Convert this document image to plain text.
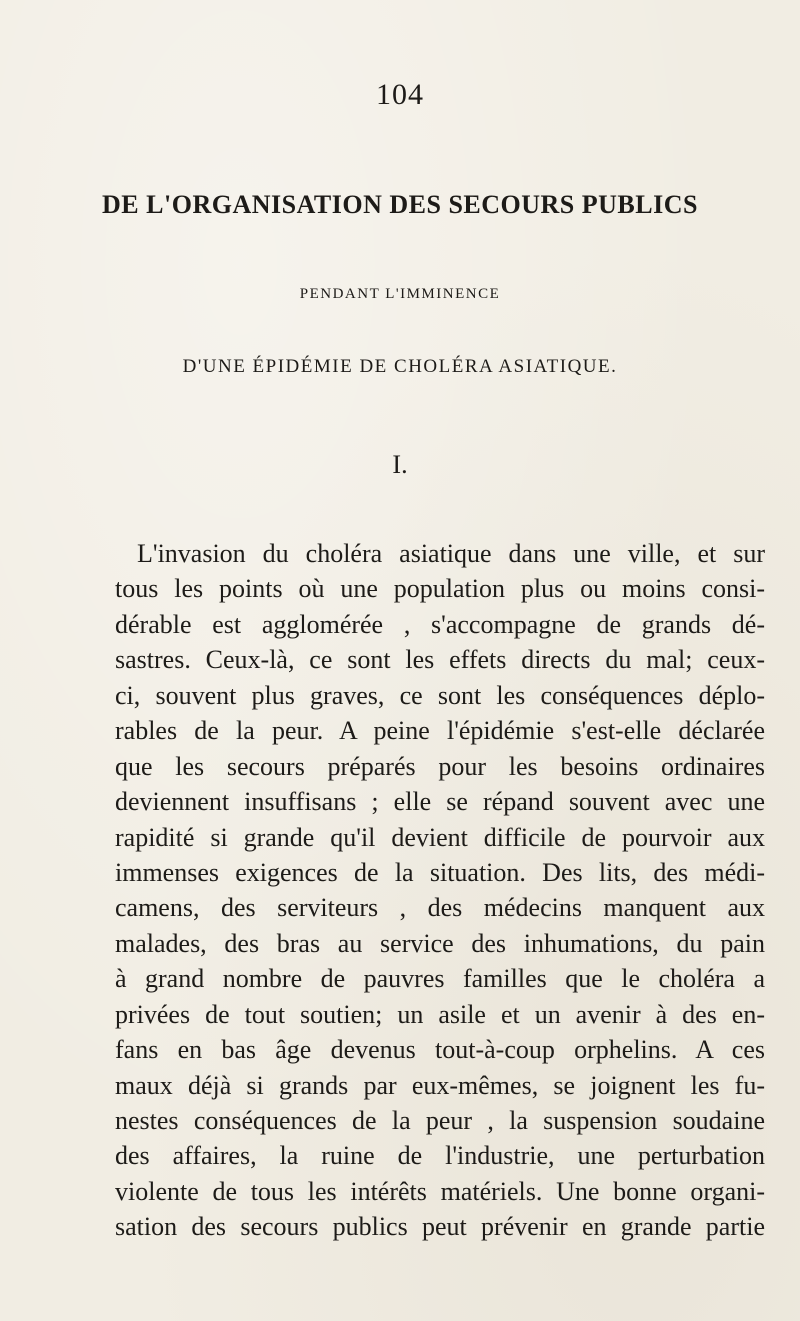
104
DE L'ORGANISATION DES SECOURS PUBLICS
PENDANT L'IMMINENCE
D'UNE ÉPIDÉMIE DE CHOLÉRA ASIATIQUE.
I.
L'invasion du choléra asiatique dans une ville, et sur
tous les points où une population plus ou moins consi-
dérable est agglomérée , s'accompagne de grands dé-
sastres. Ceux-là, ce sont les effets directs du mal; ceux-
ci, souvent plus graves, ce sont les conséquences déplo-
rables de la peur. A peine l'épidémie s'est-elle déclarée
que les secours préparés pour les besoins ordinaires
deviennent insuffisans ; elle se répand souvent avec une
rapidité si grande qu'il devient difficile de pourvoir aux
immenses exigences de la situation. Des lits, des médi-
camens, des serviteurs , des médecins manquent aux
malades, des bras au service des inhumations, du pain
à grand nombre de pauvres familles que le choléra a
privées de tout soutien; un asile et un avenir à des en-
fans en bas âge devenus tout-à-coup orphelins. A ces
maux déjà si grands par eux-mêmes, se joignent les fu-
nestes conséquences de la peur , la suspension soudaine
des affaires, la ruine de l'industrie, une perturbation
violente de tous les intérêts matériels. Une bonne organi-
sation des secours publics peut prévenir en grande partie
